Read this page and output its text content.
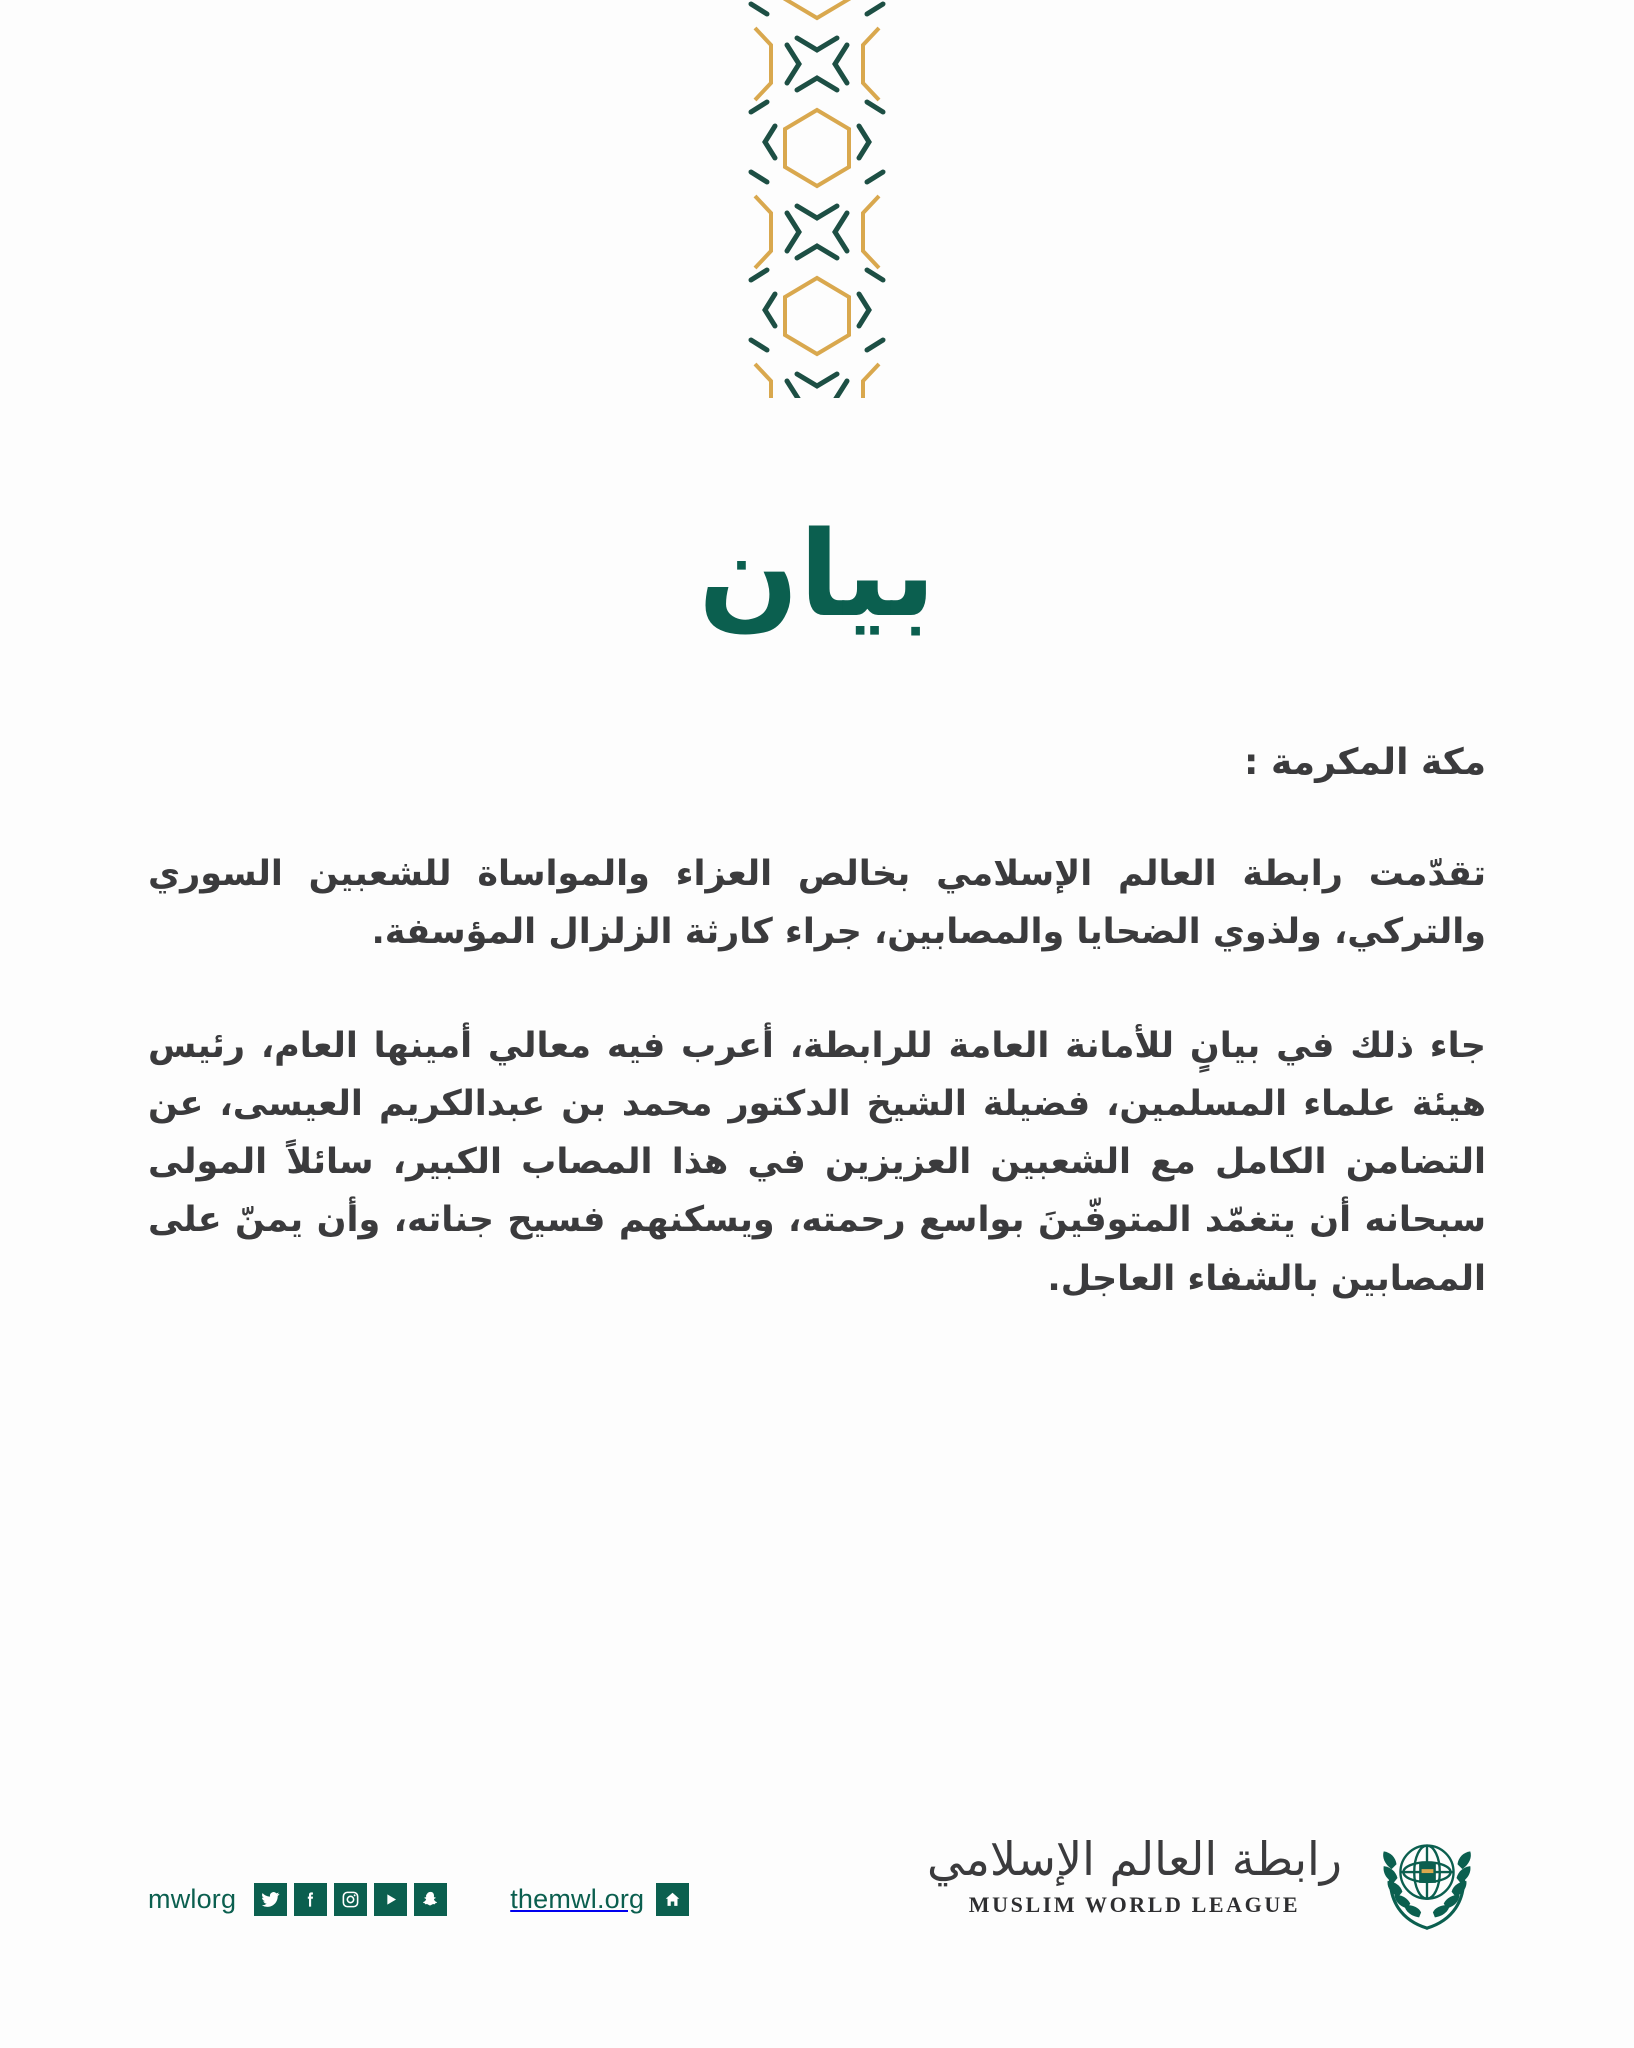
بيان

مكة المكرمة :

تقدّمت رابطة العالم الإسلامي بخالص العزاء والمواساة للشعبين السوري والتركي، ولذوي الضحايا والمصابين، جراء كارثة الزلزال المؤسفة.

جاء ذلك في بيانٍ للأمانة العامة للرابطة، أعرب فيه معالي أمينها العام، رئيس هيئة علماء المسلمين، فضيلة الشيخ الدكتور محمد بن عبدالكريم العيسى، عن التضامن الكامل مع الشعبين العزيزين في هذا المصاب الكبير، سائلاً المولى سبحانه أن يتغمّد المتوفّينَ بواسع رحمته، ويسكنهم فسيح جناته، وأن يمنّ على المصابين بالشفاء العاجل.

mwlorg	themwl.org
رابطة العالم الإسلامي
MUSLIM WORLD LEAGUE
